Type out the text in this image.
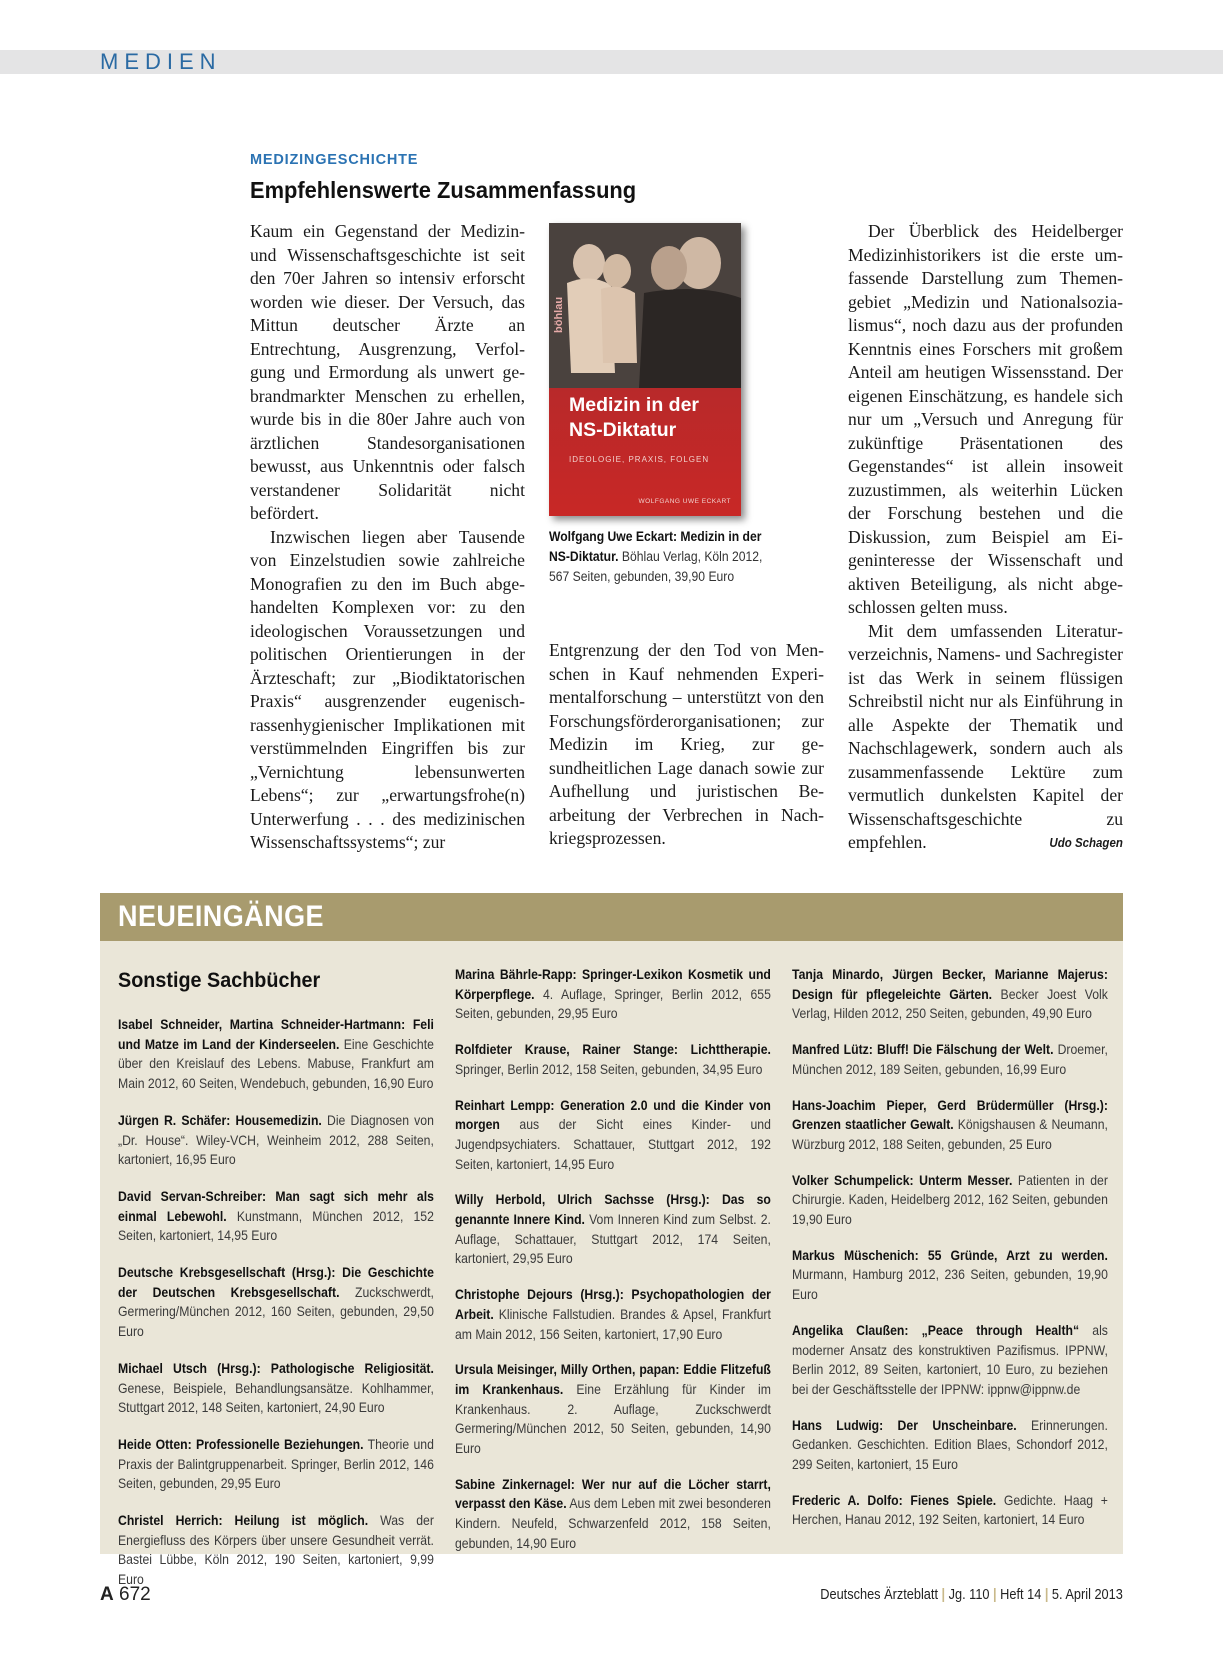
MEDIEN
MEDIZINGESCHICHTE
Empfehlenswerte Zusammenfassung

Kaum ein Gegenstand der Medizin- und Wissenschaftsgeschichte ist seit den 70er Jahren so intensiv erforscht worden wie dieser. Der Versuch, das Mittun deutscher Ärzte an Entrechtung, Ausgrenzung, Verfolgung und Ermordung als unwert gebrandmarkter Menschen zu erhellen, wurde bis in die 80er Jahre auch von ärztlichen Standesorganisationen bewusst, aus Unkenntnis oder falsch verstandener Solidarität nicht befördert.

Inzwischen liegen aber Tausende von Einzelstudien sowie zahlreiche Monografien zu den im Buch abgehandelten Komplexen vor: zu den ideologischen Voraussetzungen und politischen Orientierungen in der Ärzteschaft; zur „Biodiktatorischen Praxis“ ausgrenzender eugenisch-rassenhygienischer Implikationen mit verstümmelnden Eingriffen bis zur „Vernichtung lebensunwerten Lebens“; zur „erwartungsfrohe(n) Unterwerfung . . . des medizinischen Wissenschaftssystems“; zur

böhlau
Medizin in der
NS-Diktatur
IDEOLOGIE, PRAXIS, FOLGEN
WOLFGANG UWE ECKART
Wolfgang Uwe Eckart: Medizin in der NS-Diktatur. Böhlau Verlag, Köln 2012, 567 Seiten, gebunden, 39,90 Euro

Entgrenzung der den Tod von Menschen in Kauf nehmenden Experimentalforschung – unterstützt von den Forschungsförderorganisationen; zur Medizin im Krieg, zur gesundheitlichen Lage danach sowie zur Aufhellung und juristischen Bearbeitung der Verbrechen in Nachkriegsprozessen.

Der Überblick des Heidelberger Medizinhistorikers ist die erste umfassende Darstellung zum Themengebiet „Medizin und Nationalsozialismus“, noch dazu aus der profunden Kenntnis eines Forschers mit großem Anteil am heutigen Wissensstand. Der eigenen Einschätzung, es handele sich nur um „Versuch und Anregung für zukünftige Präsentationen des Gegenstandes“ ist allein insoweit zuzustimmen, als weiterhin Lücken der Forschung bestehen und die Diskussion, zum Beispiel am Eigeninteresse der Wissenschaft und aktiven Beteiligung, als nicht abgeschlossen gelten muss.

Mit dem umfassenden Literaturverzeichnis, Namens- und Sachregister ist das Werk in seinem flüssigen Schreibstil nicht nur als Einführung in alle Aspekte der Thematik und Nachschlagewerk, sondern auch als zusammenfassende Lektüre zum vermutlich dunkelsten Kapitel der Wissenschaftsgeschichte zu empfehlen.	Udo Schagen

NEUEINGÄNGE
Sonstige Sachbücher

Isabel Schneider, Martina Schneider-Hartmann: Feli und Matze im Land der Kinderseelen. Eine Geschichte über den Kreislauf des Lebens. Mabuse, Frankfurt am Main 2012, 60 Seiten, Wendebuch, gebunden, 16,90 Euro

Jürgen R. Schäfer: Housemedizin. Die Diagnosen von „Dr. House“. Wiley-VCH, Weinheim 2012, 288 Seiten, kartoniert, 16,95 Euro

David Servan-Schreiber: Man sagt sich mehr als einmal Lebewohl. Kunstmann, München 2012, 152 Seiten, kartoniert, 14,95 Euro

Deutsche Krebsgesellschaft (Hrsg.): Die Geschichte der Deutschen Krebsgesellschaft. Zuckschwerdt, Germering/München 2012, 160 Seiten, gebunden, 29,50 Euro

Michael Utsch (Hrsg.): Pathologische Religiosität. Genese, Beispiele, Behandlungsansätze. Kohlhammer, Stuttgart 2012, 148 Seiten, kartoniert, 24,90 Euro

Heide Otten: Professionelle Beziehungen. Theorie und Praxis der Balintgruppenarbeit. Springer, Berlin 2012, 146 Seiten, gebunden, 29,95 Euro

Christel Herrich: Heilung ist möglich. Was der Energiefluss des Körpers über unsere Gesundheit verrät. Bastei Lübbe, Köln 2012, 190 Seiten, kartoniert, 9,99 Euro

Marina Bährle-Rapp: Springer-Lexikon Kosmetik und Körperpflege. 4. Auflage, Springer, Berlin 2012, 655 Seiten, gebunden, 29,95 Euro

Rolfdieter Krause, Rainer Stange: Lichttherapie. Springer, Berlin 2012, 158 Seiten, gebunden, 34,95 Euro

Reinhart Lempp: Generation 2.0 und die Kinder von morgen aus der Sicht eines Kinder- und Jugendpsychiaters. Schattauer, Stuttgart 2012, 192 Seiten, kartoniert, 14,95 Euro

Willy Herbold, Ulrich Sachsse (Hrsg.): Das so genannte Innere Kind. Vom Inneren Kind zum Selbst. 2. Auflage, Schattauer, Stuttgart 2012, 174 Seiten, kartoniert, 29,95 Euro

Christophe Dejours (Hrsg.): Psychopathologien der Arbeit. Klinische Fallstudien. Brandes & Apsel, Frankfurt am Main 2012, 156 Seiten, kartoniert, 17,90 Euro

Ursula Meisinger, Milly Orthen, papan: Eddie Flitzefuß im Krankenhaus. Eine Erzählung für Kinder im Krankenhaus. 2. Auflage, Zuckschwerdt Germering/München 2012, 50 Seiten, gebunden, 14,90 Euro

Sabine Zinkernagel: Wer nur auf die Löcher starrt, verpasst den Käse. Aus dem Leben mit zwei besonderen Kindern. Neufeld, Schwarzenfeld 2012, 158 Seiten, gebunden, 14,90 Euro

Tanja Minardo, Jürgen Becker, Marianne Majerus: Design für pflegeleichte Gärten. Becker Joest Volk Verlag, Hilden 2012, 250 Seiten, gebunden, 49,90 Euro

Manfred Lütz: Bluff! Die Fälschung der Welt. Droemer, München 2012, 189 Seiten, gebunden, 16,99 Euro

Hans-Joachim Pieper, Gerd Brüdermüller (Hrsg.): Grenzen staatlicher Gewalt. Königshausen & Neumann, Würzburg 2012, 188 Seiten, gebunden, 25 Euro

Volker Schumpelick: Unterm Messer. Patienten in der Chirurgie. Kaden, Heidelberg 2012, 162 Seiten, gebunden 19,90 Euro

Markus Müschenich: 55 Gründe, Arzt zu werden. Murmann, Hamburg 2012, 236 Seiten, gebunden, 19,90 Euro

Angelika Claußen: „Peace through Health“ als moderner Ansatz des konstruktiven Pazifismus. IPPNW, Berlin 2012, 89 Seiten, kartoniert, 10 Euro, zu beziehen bei der Geschäftsstelle der IPPNW: ippnw@ippnw.de

Hans Ludwig: Der Unscheinbare. Erinnerungen. Gedanken. Geschichten. Edition Blaes, Schondorf 2012, 299 Seiten, kartoniert, 15 Euro

Frederic A. Dolfo: Fienes Spiele. Gedichte. Haag + Herchen, Hanau 2012, 192 Seiten, kartoniert, 14 Euro

A 672	Deutsches Ärzteblatt | Jg. 110 | Heft 14 | 5. April 2013
